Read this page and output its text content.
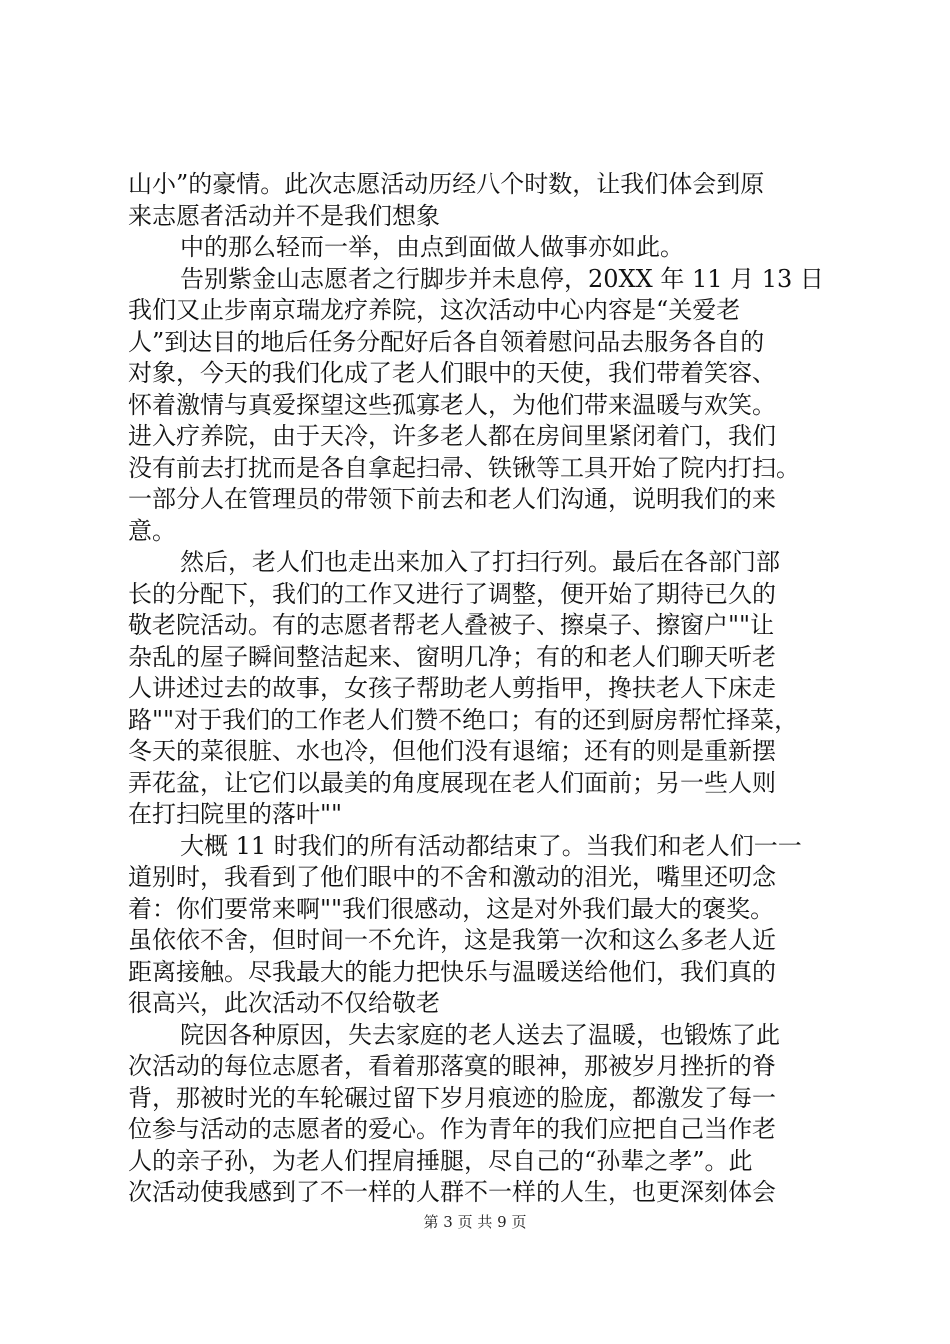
山小”的豪情。此次志愿活动历经八个时数，让我们体会到原
来志愿者活动并不是我们想象
中的那么轻而一举，由点到面做人做事亦如此。
告别紫金山志愿者之行脚步并未息停，20XX 年 11 月 13 日
我们又止步南京瑞龙疗养院，这次活动中心内容是“关爱老
人”到达目的地后任务分配好后各自领着慰问品去服务各自的
对象，今天的我们化成了老人们眼中的天使，我们带着笑容、
怀着激情与真爱探望这些孤寡老人，为他们带来温暖与欢笑。
进入疗养院，由于天冷，许多老人都在房间里紧闭着门，我们
没有前去打扰而是各自拿起扫帚、铁锹等工具开始了院内打扫。
一部分人在管理员的带领下前去和老人们沟通，说明我们的来
意。
然后，老人们也走出来加入了打扫行列。最后在各部门部
长的分配下，我们的工作又进行了调整，便开始了期待已久的
敬老院活动。有的志愿者帮老人叠被子、擦桌子、擦窗户""让
杂乱的屋子瞬间整洁起来、窗明几净；有的和老人们聊天听老
人讲述过去的故事，女孩子帮助老人剪指甲，搀扶老人下床走
路""对于我们的工作老人们赞不绝口；有的还到厨房帮忙择菜，
冬天的菜很脏、水也冷，但他们没有退缩；还有的则是重新摆
弄花盆，让它们以最美的角度展现在老人们面前；另一些人则
在打扫院里的落叶""
大概 11 时我们的所有活动都结束了。当我们和老人们一一
道别时，我看到了他们眼中的不舍和激动的泪光，嘴里还叨念
着：你们要常来啊""我们很感动，这是对外我们最大的褒奖。
虽依依不舍，但时间一不允许，这是我第一次和这么多老人近
距离接触。尽我最大的能力把快乐与温暖送给他们，我们真的
很高兴，此次活动不仅给敬老
院因各种原因，失去家庭的老人送去了温暖，也锻炼了此
次活动的每位志愿者，看着那落寞的眼神，那被岁月挫折的脊
背，那被时光的车轮碾过留下岁月痕迹的脸庞，都激发了每一
位参与活动的志愿者的爱心。作为青年的我们应把自己当作老
人的亲子孙，为老人们捏肩捶腿，尽自己的“孙辈之孝”。此
次活动使我感到了不一样的人群不一样的人生，也更深刻体会
第 3 页 共 9 页
